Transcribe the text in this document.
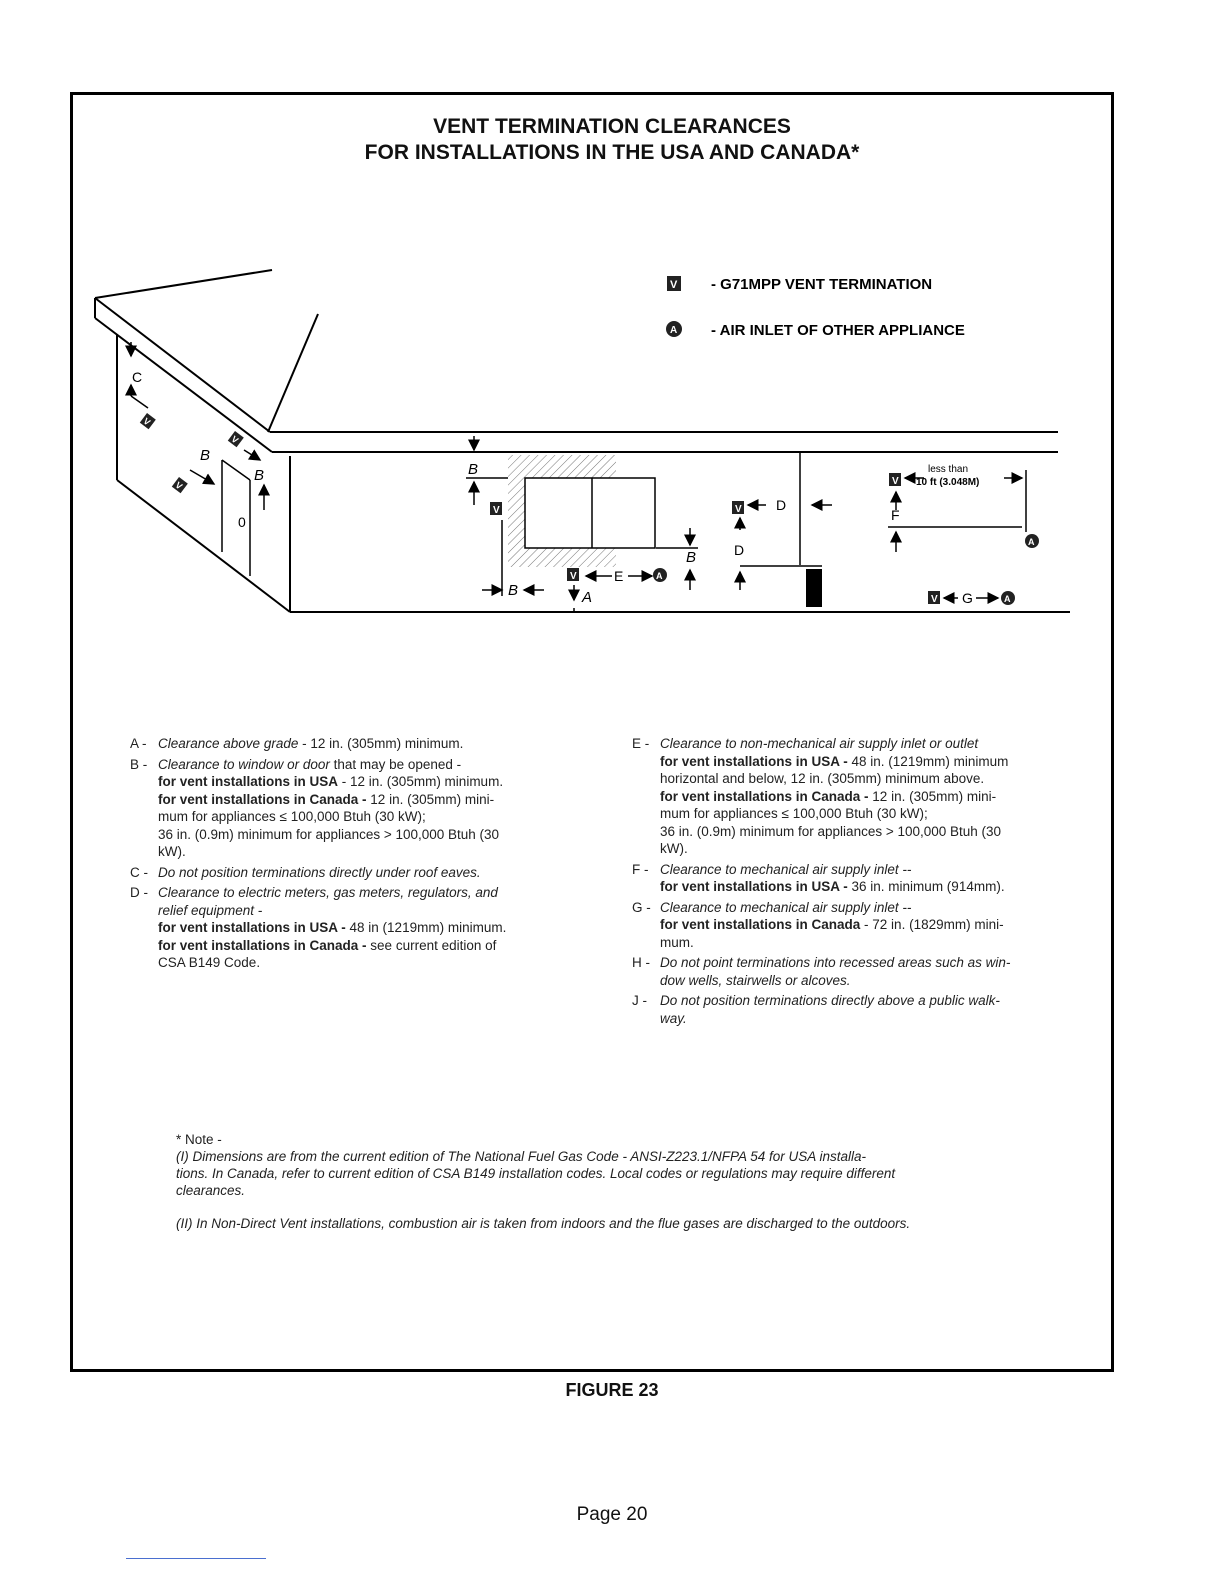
VENT TERMINATION CLEARANCES
FOR INSTALLATIONS IN THE USA AND CANADA*
0
V
V
V
V
V
V
V
V
A
A
A
C
B
B	B
B
B
A
E
D
D
F
G
less than
10 ft (3.048M)
V - G71MPP VENT TERMINATION
A - AIR INLET OF OTHER APPLIANCE
A - Clearance above grade - 12 in. (305mm) minimum.
B - Clearance to window or door that may be opened -
for vent installations in USA - 12 in. (305mm) minimum.
for vent installations in Canada - 12 in. (305mm) mini-
mum for appliances ≤ 100,000 Btuh (30 kW);
36 in. (0.9m) minimum for appliances > 100,000 Btuh (30
kW).
C - Do not position terminations directly under roof eaves.
D - Clearance to electric meters, gas meters, regulators, and
relief equipment -
for vent installations in USA - 48 in (1219mm) minimum.
for vent installations in Canada - see current edition of
CSA B149 Code.
E - Clearance to non-mechanical air supply inlet or outlet
for vent installations in USA - 48 in. (1219mm) minimum
horizontal and below, 12 in. (305mm) minimum above.
for vent installations in Canada - 12 in. (305mm) mini-
mum for appliances ≤ 100,000 Btuh (30 kW);
36 in. (0.9m) minimum for appliances > 100,000 Btuh (30
kW).
F - Clearance to mechanical air supply inlet --
for vent installations in USA - 36 in. minimum (914mm).
G - Clearance to mechanical air supply inlet --
for vent installations in Canada - 72 in. (1829mm) mini-
mum.
H - Do not point terminations into recessed areas such as win-
dow wells, stairwells or alcoves.
J - Do not position terminations directly above a public walk-
way.
* Note -
(I) Dimensions are from the current edition of The National Fuel Gas Code - ANSI-Z223.1/NFPA 54 for USA installa-
tions. In Canada, refer to current edition of CSA B149 installation codes. Local codes or regulations may require different
clearances.
(II) In Non-Direct Vent installations, combustion air is taken from indoors and the flue gases are discharged to the outdoors.
FIGURE 23
Page 20
